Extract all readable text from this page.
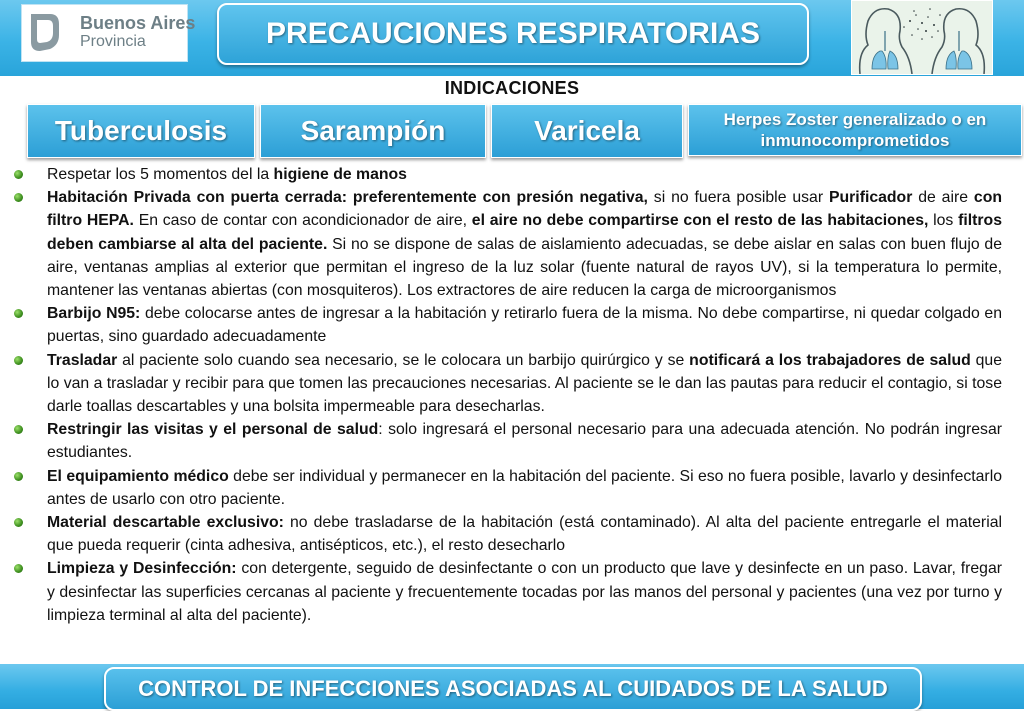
Buenos Aires
Provincia	PRECAUCIONES RESPIRATORIAS
INDICACIONES
Tuberculosis	Sarampión	Varicela	Herpes Zoster generalizado o en inmunocomprometidos
Respetar los 5 momentos del la higiene de manos
Habitación Privada con puerta cerrada: preferentemente con presión negativa, si no fuera posible usar Purificador de aire con filtro HEPA. En caso de contar con acondicionador de aire, el aire no debe compartirse con el resto de las habitaciones, los filtros deben cambiarse al alta del paciente. Si no se dispone de salas de aislamiento adecuadas, se debe aislar en salas con buen flujo de aire, ventanas amplias al exterior que permitan el ingreso de la luz solar (fuente natural de rayos UV), si la temperatura lo permite, mantener las ventanas abiertas (con mosquiteros). Los extractores de aire reducen la carga de microorganismos
Barbijo N95: debe colocarse antes de ingresar a la habitación y retirarlo fuera de la misma. No debe compartirse, ni quedar colgado en puertas, sino guardado adecuadamente
Trasladar al paciente solo cuando sea necesario, se le colocara un barbijo quirúrgico y se notificará a los trabajadores de salud que lo van a trasladar y recibir para que tomen las precauciones necesarias. Al paciente se le dan las pautas para reducir el contagio, si tose darle toallas descartables y una bolsita impermeable para desecharlas.
Restringir las visitas y el personal de salud: solo ingresará el personal necesario para una adecuada atención. No podrán ingresar estudiantes.
El equipamiento médico debe ser individual y permanecer en la habitación del paciente. Si eso no fuera posible, lavarlo y desinfectarlo antes de usarlo con otro paciente.
Material descartable exclusivo: no debe trasladarse de la habitación (está contaminado). Al alta del paciente entregarle el material que pueda requerir (cinta adhesiva, antisépticos, etc.), el resto desecharlo
Limpieza y Desinfección: con detergente, seguido de desinfectante o con un producto que lave y desinfecte en un paso. Lavar, fregar y desinfectar las superficies cercanas al paciente y frecuentemente tocadas por las manos del personal y pacientes (una vez por turno y limpieza terminal al alta del paciente).
CONTROL DE INFECCIONES ASOCIADAS AL CUIDADOS DE LA SALUD
